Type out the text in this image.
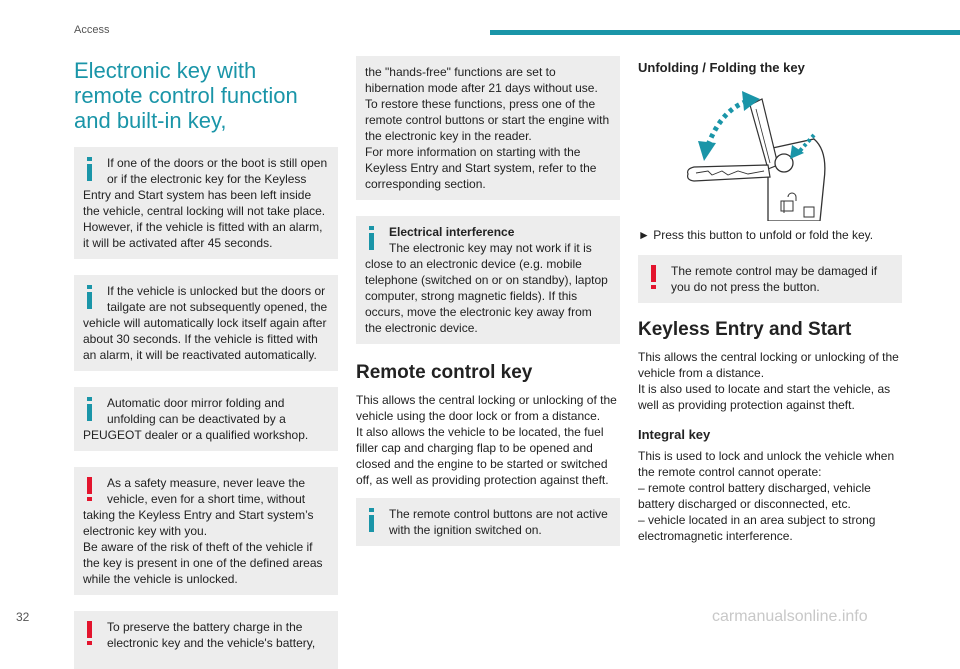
Access
Electronic key with
remote control function
and built-in key,
If one of the doors or the boot is still open
or if the electronic key for the Keyless
Entry and Start system has been left inside
the vehicle, central locking will not take place.
However, if the vehicle is fitted with an alarm,
it will be activated after 45 seconds.
If the vehicle is unlocked but the doors or
tailgate are not subsequently opened, the
vehicle will automatically lock itself again after
about 30 seconds. If the vehicle is fitted with
an alarm, it will be reactivated automatically.
Automatic door mirror folding and
unfolding can be deactivated by a
PEUGEOT dealer or a qualified workshop.
As a safety measure, never leave the
vehicle, even for a short time, without
taking the Keyless Entry and Start system’s
electronic key with you.
Be aware of the risk of theft of the vehicle if
the key is present in one of the defined areas
while the vehicle is unlocked.
To preserve the battery charge in the
electronic key and the vehicle's battery,
the "hands-free" functions are set to
hibernation mode after 21 days without use.
To restore these functions, press one of the
remote control buttons or start the engine with
the electronic key in the reader.
For more information on starting with the
Keyless Entry and Start system, refer to the
corresponding section.
Electrical interference
The electronic key may not work if it is
close to an electronic device (e.g. mobile
telephone (switched on or on standby), laptop
computer, strong magnetic fields). If this
occurs, move the electronic key away from
the electronic device.
Remote control key
This allows the central locking or unlocking of the
vehicle using the door lock or from a distance.
It also allows the vehicle to be located, the fuel
filler cap and charging flap to be opened and
closed and the engine to be started or switched
off, as well as providing protection against theft.
The remote control buttons are not active
with the ignition switched on.
Unfolding / Folding the key
► Press this button to unfold or fold the key.
The remote control may be damaged if
you do not press the button.
Keyless Entry and Start
This allows the central locking or unlocking of the
vehicle from a distance.
It is also used to locate and start the vehicle, as
well as providing protection against theft.
Integral key
This is used to lock and unlock the vehicle when
the remote control cannot operate:
– remote control battery discharged, vehicle
battery discharged or disconnected, etc.
– vehicle located in an area subject to strong
electromagnetic interference.
32	carmanualsonline.info
